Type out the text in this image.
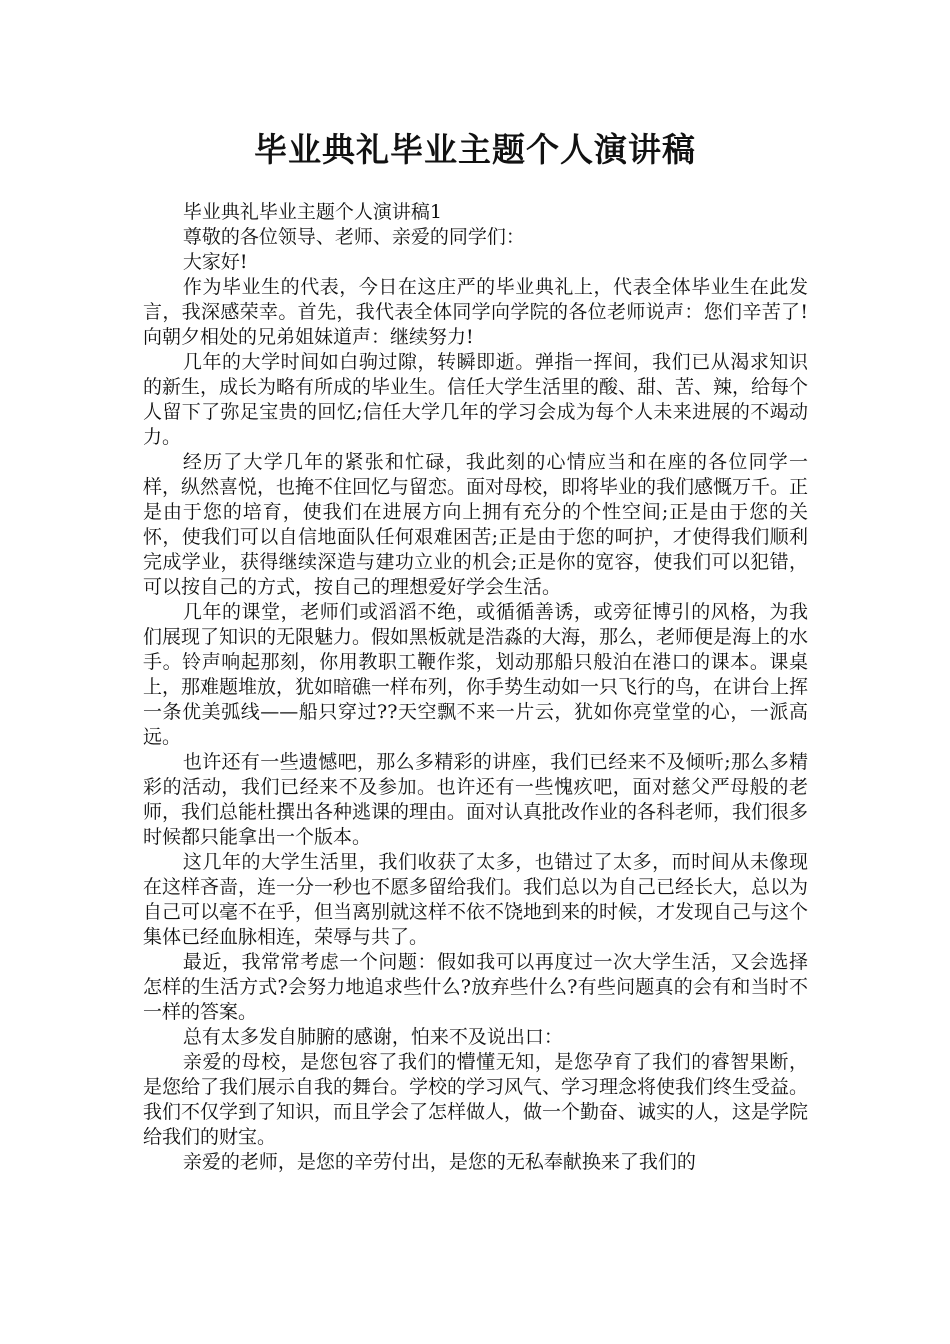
毕业典礼毕业主题个人演讲稿

毕业典礼毕业主题个人演讲稿1

尊敬的各位领导、老师、亲爱的同学们：

大家好!

作为毕业生的代表，今日在这庄严的毕业典礼上，代表全体毕业生在此发言，我深感荣幸。首先，我代表全体同学向学院的各位老师说声：您们辛苦了!向朝夕相处的兄弟姐妹道声：继续努力!

几年的大学时间如白驹过隙，转瞬即逝。弹指一挥间，我们已从渴求知识的新生，成长为略有所成的毕业生。信任大学生活里的酸、甜、苦、辣，给每个人留下了弥足宝贵的回忆;信任大学几年的学习会成为每个人未来进展的不竭动力。

经历了大学几年的紧张和忙碌，我此刻的心情应当和在座的各位同学一样，纵然喜悦，也掩不住回忆与留恋。面对母校，即将毕业的我们感慨万千。正是由于您的培育，使我们在进展方向上拥有充分的个性空间;正是由于您的关怀，使我们可以自信地面队任何艰难困苦;正是由于您的呵护，才使得我们顺利完成学业，获得继续深造与建功立业的机会;正是你的宽容，使我们可以犯错，可以按自己的方式，按自己的理想爱好学会生活。

几年的课堂，老师们或滔滔不绝，或循循善诱，或旁征博引的风格，为我们展现了知识的无限魅力。假如黑板就是浩淼的大海，那么，老师便是海上的水手。铃声响起那刻，你用教职工鞭作浆，划动那船只般泊在港口的课本。课桌上，那难题堆放，犹如暗礁一样布列，你手势生动如一只飞行的鸟，在讲台上挥一条优美弧线——船只穿过??天空飘不来一片云，犹如你亮堂堂的心，一派高远。

也许还有一些遗憾吧，那么多精彩的讲座，我们已经来不及倾听;那么多精彩的活动，我们已经来不及参加。也许还有一些愧疚吧，面对慈父严母般的老师，我们总能杜撰出各种逃课的理由。面对认真批改作业的各科老师，我们很多时候都只能拿出一个版本。

这几年的大学生活里，我们收获了太多，也错过了太多，而时间从未像现在这样吝啬，连一分一秒也不愿多留给我们。我们总以为自己已经长大，总以为自己可以毫不在乎，但当离别就这样不依不饶地到来的时候，才发现自己与这个集体已经血脉相连，荣辱与共了。

最近，我常常考虑一个问题：假如我可以再度过一次大学生活，又会选择怎样的生活方式?会努力地追求些什么?放弃些什么?有些问题真的会有和当时不一样的答案。

总有太多发自肺腑的感谢，怕来不及说出口：

亲爱的母校，是您包容了我们的懵懂无知，是您孕育了我们的睿智果断，是您给了我们展示自我的舞台。学校的学习风气、学习理念将使我们终生受益。我们不仅学到了知识，而且学会了怎样做人，做一个勤奋、诚实的人，这是学院给我们的财宝。

亲爱的老师，是您的辛劳付出，是您的无私奉献换来了我们的
